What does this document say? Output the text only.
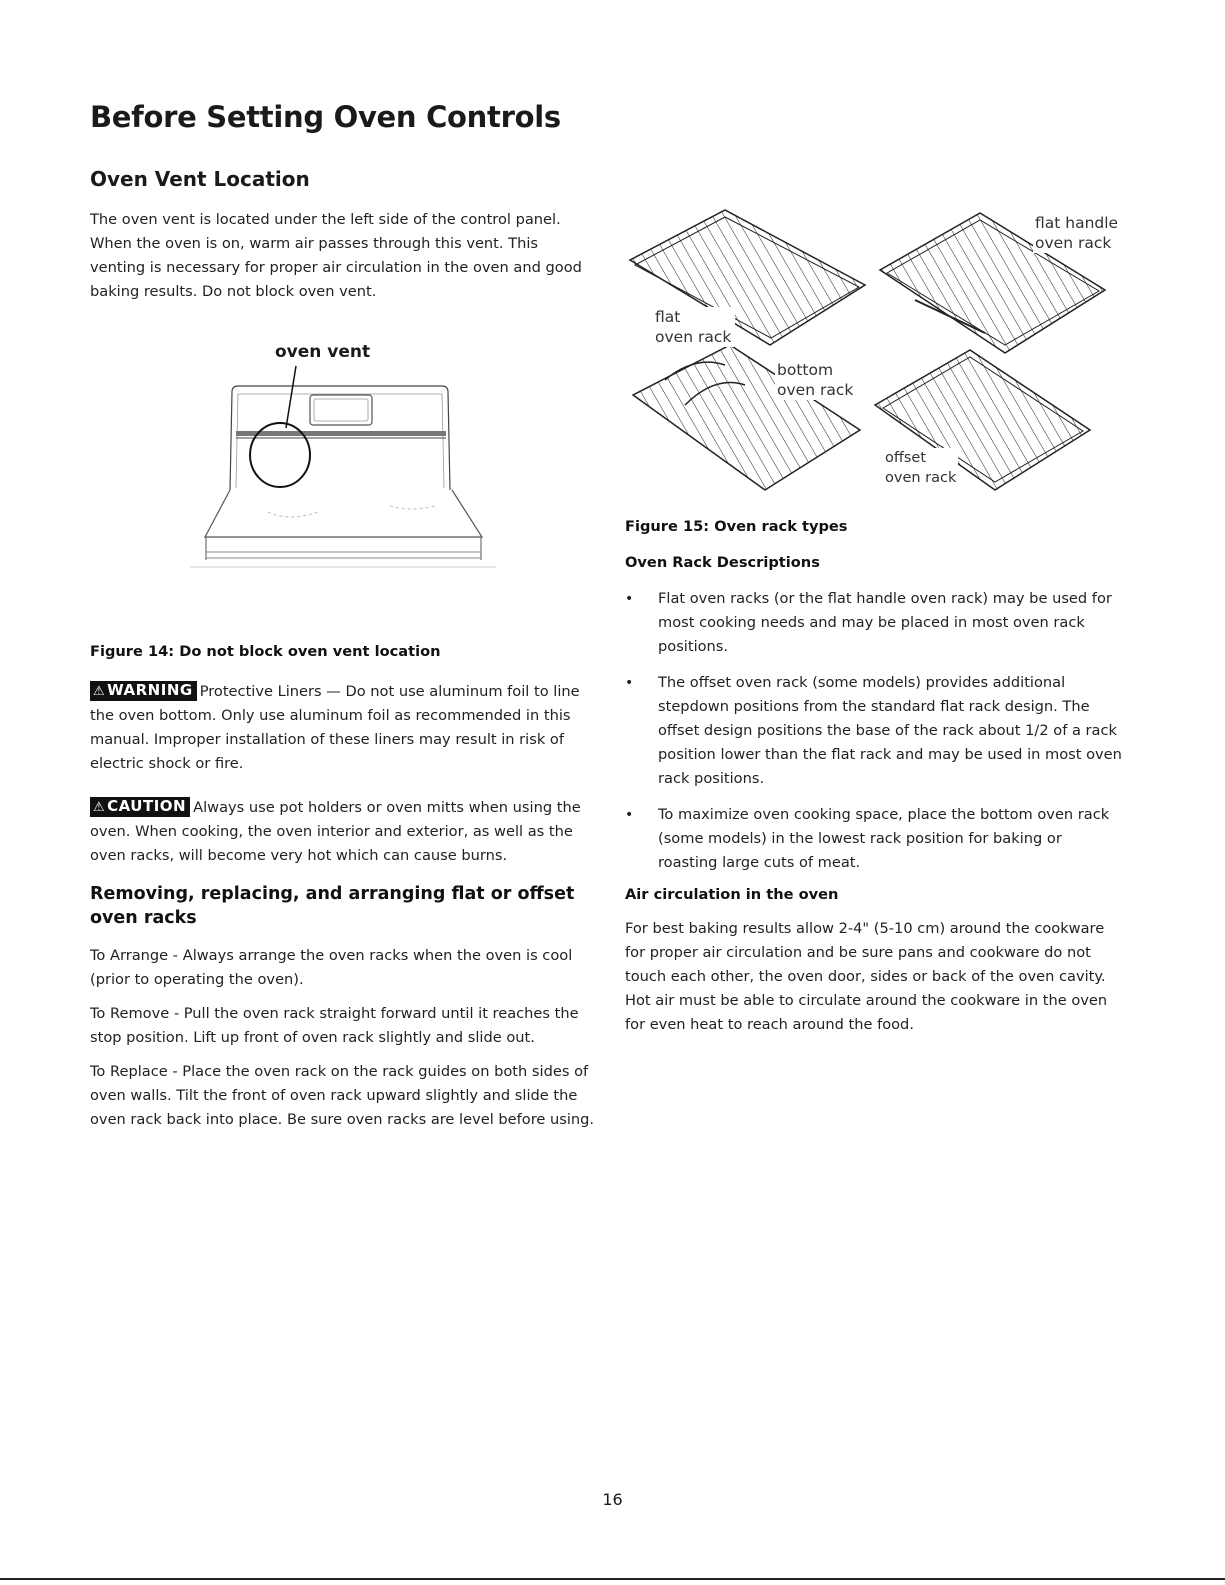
Before Setting Oven Controls
Oven Vent Location

The oven vent is located under the left side of the control panel. When the oven is on, warm air passes through this vent. This venting is necessary for proper air circulation in the oven and good baking results. Do not block oven vent.

oven vent

Figure 14: Do not block oven vent location

⚠ WARNING Protective Liners — Do not use aluminum foil to line the oven bottom. Only use aluminum foil as recommended in this manual. Improper installation of these liners may result in risk of electric shock or fire.

⚠ CAUTION Always use pot holders or oven mitts when using the oven. When cooking, the oven interior and exterior, as well as the oven racks, will become very hot which can cause burns.

Removing, replacing, and arranging flat or offset oven racks

To Arrange - Always arrange the oven racks when the oven is cool (prior to operating the oven).

To Remove - Pull the oven rack straight forward until it reaches the stop position. Lift up front of oven rack slightly and slide out.

To Replace - Place the oven rack on the rack guides on both sides of oven walls. Tilt the front of oven rack upward slightly and slide the oven rack back into place. Be sure oven racks are level before using.

flat
oven rack
flat handle
oven rack
bottom
oven rack
offset
oven rack

Figure 15: Oven rack types

Oven Rack Descriptions

• Flat oven racks (or the flat handle oven rack) may be used for most cooking needs and may be placed in most oven rack positions.
• The offset oven rack (some models) provides additional stepdown positions from the standard flat rack design. The offset design positions the base of the rack about 1/2 of a rack position lower than the flat rack and may be used in most oven rack positions.
• To maximize oven cooking space, place the bottom oven rack (some models) in the lowest rack position for baking or roasting large cuts of meat.

Air circulation in the oven

For best baking results allow 2-4" (5-10 cm) around the cookware for proper air circulation and be sure pans and cookware do not touch each other, the oven door, sides or back of the oven cavity. Hot air must be able to circulate around the cookware in the oven for even heat to reach around the food.

16
